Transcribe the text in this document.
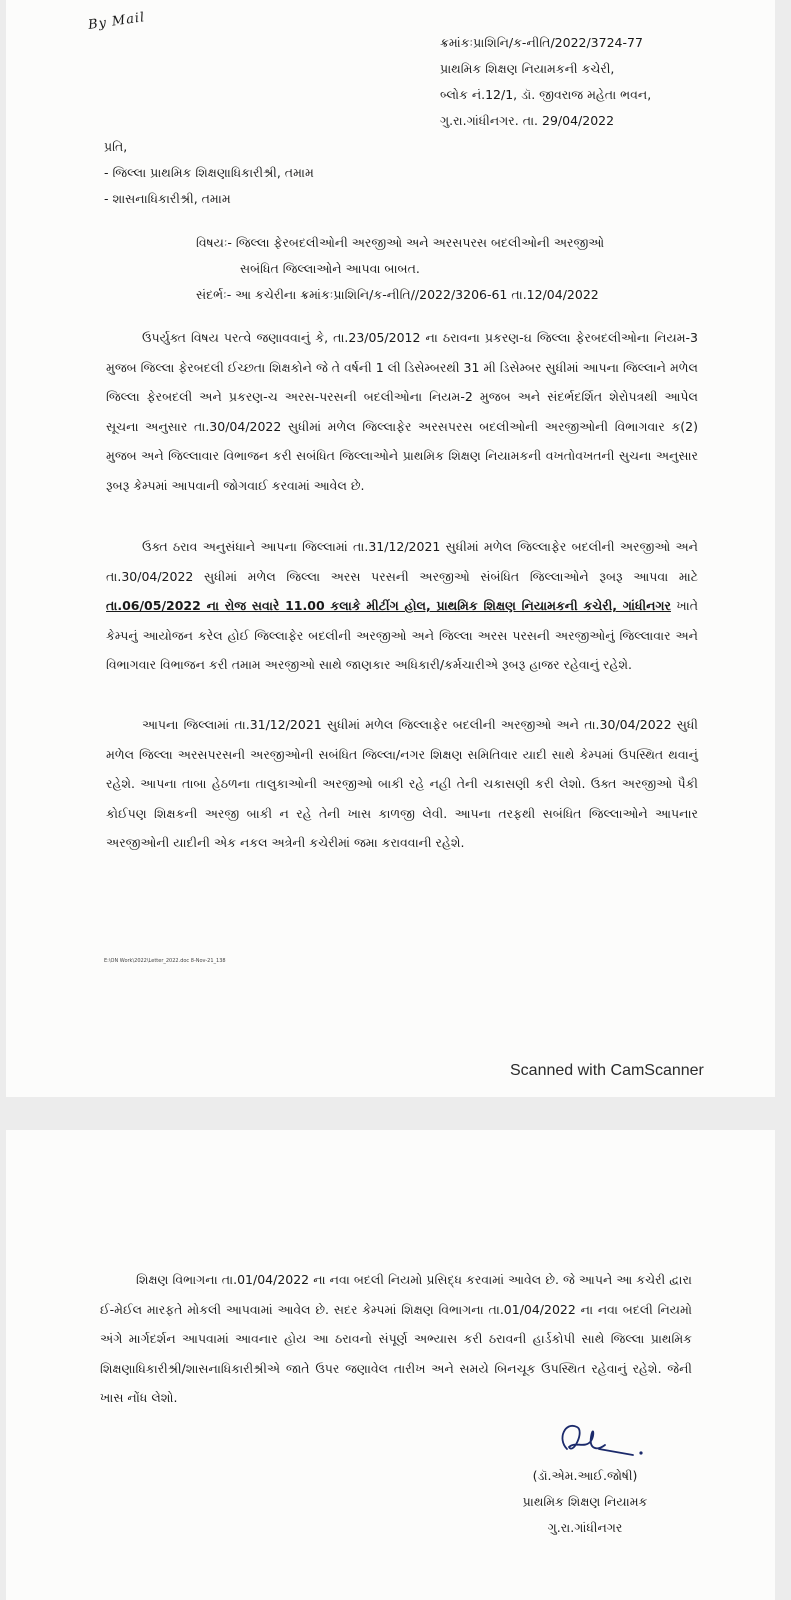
By Mail
ક્રમાંકઃપ્રાશિનિ/ક-નીતિ/2022/3724-77
પ્રાથમિક શિક્ષણ નિયામકની કચેરી,
બ્લોક નં.12/1, ડૉ. જીવરાજ મહેતા ભવન,
ગુ.રા.ગાંધીનગર. તા. 29/04/2022
પ્રતિ,
- જિલ્લા પ્રાથમિક શિક્ષણાધિકારીશ્રી, તમામ
- શાસનાધિકારીશ્રી, તમામ
વિષયઃ- જિલ્લા ફેરબદલીઓની અરજીઓ અને અરસપરસ બદલીઓની અરજીઓ
સબંધિત જિલ્લાઓને આપવા બાબત.
સંદર્ભઃ- આ કચેરીના ક્રમાંકઃપ્રાશિનિ/ક-નીતિ//2022/3206-61 તા.12/04/2022

ઉપર્યુક્ત વિષય પરત્વે જણાવવાનું કે, તા.23/05/2012 ના ઠરાવના પ્રકરણ-ઘ જિલ્લા ફેરબદલીઓના નિયમ-3 મુજબ જિલ્લા ફેરબદલી ઈચ્છતા શિક્ષકોને જે તે વર્ષની 1 લી ડિસેમ્બરથી 31 મી ડિસેમ્બર સુધીમાં આપના જિલ્લાને મળેલ જિલ્લા ફેરબદલી અને પ્રકરણ-ચ અરસ-પરસની બદલીઓના નિયમ-2 મુજબ અને સંદર્ભદર્શિત શેરોપત્રથી આપેલ સૂચના અનુસાર તા.30/04/2022 સુધીમાં મળેલ જિલ્લાફેર અરસપરસ બદલીઓની અરજીઓની વિભાગવાર ક(2) મુજબ અને જિલ્લાવાર વિભાજન કરી સબંધિત જિલ્લાઓને પ્રાથમિક શિક્ષણ નિયામકની વખતોવખતની સુચના અનુસાર રૂબરૂ કેમ્પમાં આપવાની જોગવાઈ કરવામાં આવેલ છે.

ઉક્ત ઠરાવ અનુસંધાને આપના જિલ્લામાં તા.31/12/2021 સુધીમાં મળેલ જિલ્લાફેર બદલીની અરજીઓ અને તા.30/04/2022 સુધીમાં મળેલ જિલ્લા અરસ પરસની અરજીઓ સંબંધિત જિલ્લાઓને રૂબરૂ આપવા માટે તા.06/05/2022 ના રોજ સવારે 11.00 કલાકે મીટીંગ હોલ, પ્રાથમિક શિક્ષણ નિયામકની કચેરી, ગાંધીનગર ખાતે કેમ્પનું આયોજન કરેલ હોઈ જિલ્લાફેર બદલીની અરજીઓ અને જિલ્લા અરસ પરસની અરજીઓનું જિલ્લાવાર અને વિભાગવાર વિભાજન કરી તમામ અરજીઓ સાથે જાણકાર અધિકારી/કર્મચારીએ રૂબરૂ હાજર રહેવાનું રહેશે.

આપના જિલ્લામાં તા.31/12/2021 સુધીમાં મળેલ જિલ્લાફેર બદલીની અરજીઓ અને તા.30/04/2022 સુધી મળેલ જિલ્લા અરસપરસની અરજીઓની સબંધિત જિલ્લા/નગર શિક્ષણ સમિતિવાર યાદી સાથે કેમ્પમાં ઉપસ્થિત થવાનું રહેશે. આપના તાબા હેઠળના તાલુકાઓની અરજીઓ બાકી રહે નહી તેની ચકાસણી કરી લેશો. ઉક્ત અરજીઓ પૈકી કોઈપણ શિક્ષકની અરજી બાકી ન રહે તેની ખાસ કાળજી લેવી. આપના તરફથી સબંધિત જિલ્લાઓને આપનાર અરજીઓની યાદીની એક નકલ અત્રેની કચેરીમાં જમા કરાવવાની રહેશે.

E:\ON Work\2022\Letter_2022.doc 8-Nov-21_138
Scanned with CamScanner

શિક્ષણ વિભાગના તા.01/04/2022 ના નવા બદલી નિયમો પ્રસિદ્ધ કરવામાં આવેલ છે. જે આપને આ કચેરી દ્વારા ઈ-મેઈલ મારફતે મોકલી આપવામાં આવેલ છે. સદર કેમ્પમાં શિક્ષણ વિભાગના તા.01/04/2022 ના નવા બદલી નિયમો અંગે માર્ગદર્શન આપવામાં આવનાર હોય આ ઠરાવનો સંપૂર્ણ અભ્યાસ કરી ઠરાવની હાર્ડકોપી સાથે જિલ્લા પ્રાથમિક શિક્ષણાધિકારીશ્રી/શાસનાધિકારીશ્રીએ જાતે ઉપર જણાવેલ તારીખ અને સમયે બિનચૂક ઉપસ્થિત રહેવાનું રહેશે. જેની ખાસ નોંધ લેશો.

(ડૉ.એમ.આઈ.જોષી)
પ્રાથમિક શિક્ષણ નિયામક
ગુ.રા.ગાંધીનગર
